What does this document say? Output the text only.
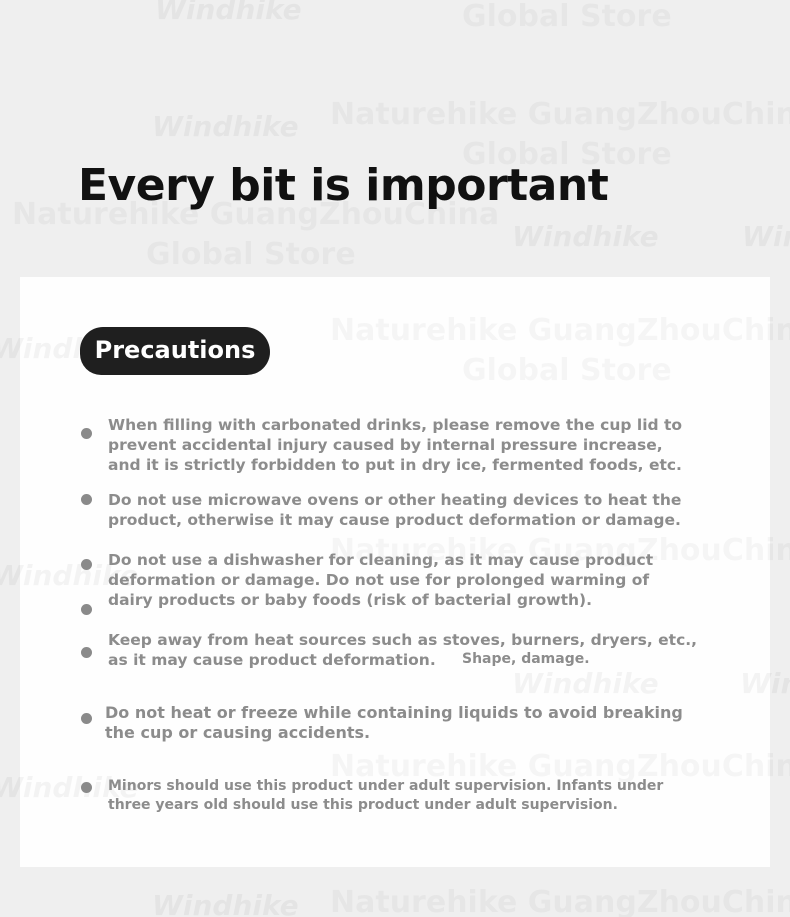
Every bit is important
Precautions
When filling with carbonated drinks, please remove the cup lid to
prevent accidental injury caused by internal pressure increase,
and it is strictly forbidden to put in dry ice, fermented foods, etc.
Do not use microwave ovens or other heating devices to heat the
product, otherwise it may cause product deformation or damage.
Do not use a dishwasher for cleaning, as it may cause product
deformation or damage. Do not use for prolonged warming of
dairy products or baby foods (risk of bacterial growth).
Keep away from heat sources such as stoves, burners, dryers, etc.,
as it may cause product deformation.	Shape, damage.
Do not heat or freeze while containing liquids to avoid breaking
the cup or causing accidents.
Minors should use this product under adult supervision. Infants under
three years old should use this product under adult supervision.
